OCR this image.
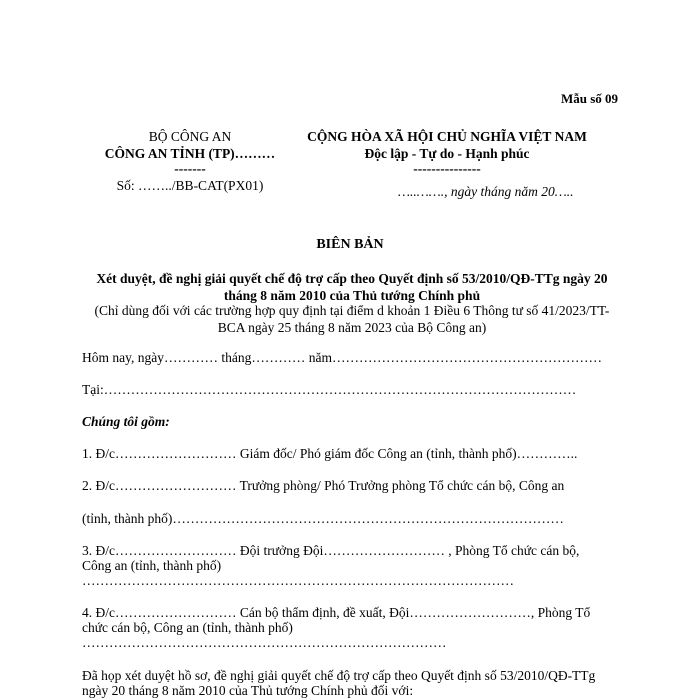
Mẫu số 09
BỘ CÔNG AN
CÔNG AN TỈNH (TP)………
-------
Số: ……../BB-CAT(PX01)
CỘNG HÒA XÃ HỘI CHỦ NGHĨA VIỆT NAM
Độc lập - Tự do - Hạnh phúc
---------------
…..……., ngày tháng năm 20…..
BIÊN BẢN
Xét duyệt, đề nghị giải quyết chế độ trợ cấp theo Quyết định số 53/2010/QĐ-TTg ngày 20 tháng 8 năm 2010 của Thủ tướng Chính phủ
(Chỉ dùng đối với các trường hợp quy định tại điểm d khoản 1 Điều 6 Thông tư số 41/2023/TT-BCA ngày 25 tháng 8 năm 2023 của Bộ Công an)
Hôm nay, ngày………… tháng………… năm……………………………………………………
Tại:……………………………………………………………………………………………
Chúng tôi gồm:
1. Đ/c……………………… Giám đốc/ Phó giám đốc Công an (tỉnh, thành phố)…………..
2. Đ/c……………………… Trưởng phòng/ Phó Trưởng phòng Tổ chức cán bộ, Công an
(tỉnh, thành phố)……………………………………………………………………………
3. Đ/c……………………… Đội trưởng Đội……………………… , Phòng Tổ chức cán bộ,
Công an (tỉnh, thành phố)
……………………………………………………………………………………
4. Đ/c……………………… Cán bộ thẩm định, đề xuất, Đội………………………, Phòng Tổ
chức cán bộ, Công an (tỉnh, thành phố)
………………………………………………………………………
Đã họp xét duyệt hồ sơ, đề nghị giải quyết chế độ trợ cấp theo Quyết định số 53/2010/QĐ-TTg
ngày 20 tháng 8 năm 2010 của Thủ tướng Chính phủ đối với:
